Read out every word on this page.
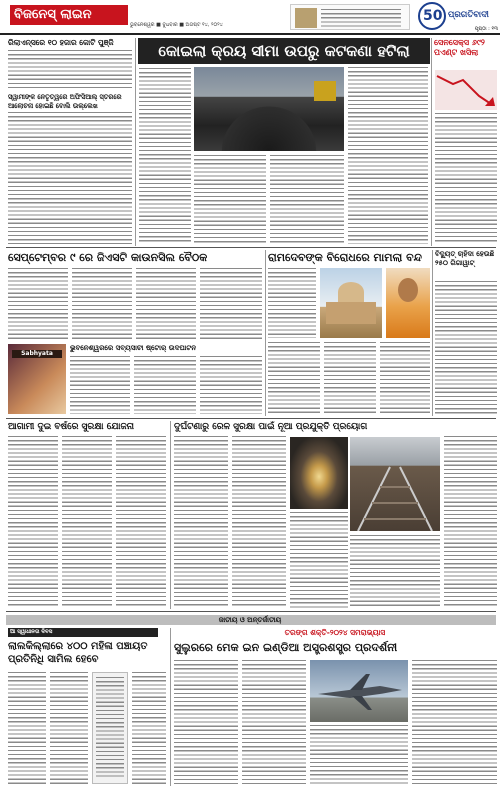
ବିଜନେସ୍ ଲାଇନ
ଭୁବନେଶ୍ୱର ■ ବୁଧବାର ■ ଅଗଷ୍ଟ ୧୪, ୨୦୨୪
50 ପ୍ରଗତିବାଦୀ
ପୃଷ୍ଠା : ୧୩
ରିଲାଏନ୍ସରେ ୧୦ ହଜାର କୋଟି ପୁଞ୍ଜି
ସ୍ୱାମୀଙ୍କ ନେତୃତ୍ୱରେ ଅଫିସିଆଲ୍ ସ୍ତରରେ ଆଲୋଚନା ହୋଇଛି ବୋଲି ଉଲ୍ଲେଖ
କୋଇଲା କ୍ରୟ ସୀମା ଉପରୁ କଟକଣା ହଟିଲା	ସେନସେକ୍ସ ୬୯୨ ପଏଣ୍ଟ ଖସିଲା
ସେପ୍ଟେମ୍ବର ୯ ରେ ଜିଏସଟି କାଉନସିଲ ବୈଠକ
Sabhyata
ଭୁବନେଶ୍ୱରରେ ସବ୍ୟସାଚୀ ଷ୍ଟୋର୍ ଉଦଘାଟନ
ରାମଦେବଙ୍କ ବିରୋଧରେ ମାମଲା ବନ୍ଦ	ବିଦ୍ୟୁତ୍ ଚାହିଦା ହେଉଛି ୨୫୦ ଗିଗାୱାଟ୍
ଆଗାମୀ ଦୁଇ ବର୍ଷରେ ସୁରକ୍ଷା ଯୋଜନା	ଦୁର୍ଘଟଣାରୁ ରେଳ ସୁରକ୍ଷା ପାଇଁ ନୂଆ ପ୍ରଯୁକ୍ତି ପ୍ରୟୋଗ
ଜାତୀୟ ଓ ଅନ୍ତର୍ଜାତୀୟ
ଆ ସ୍ୱାଧୀନତା ଦିବସ
ଲାଲକିଲ୍ଲାରେ ୪୦୦ ମହିଳା ପଞ୍ଚାୟତ ପ୍ରତିନିଧି ସାମିଲ ହେବେ
ତରଙ୍ଗ ଶକ୍ତି-୨୦୨୪ ସମରାଭ୍ୟାସ
ସୁଲୁରରେ ମେକ ଇନ ଇଣ୍ଡିଆ ଅସ୍ତ୍ରଶସ୍ତ୍ର ପ୍ରଦର୍ଶନୀ
